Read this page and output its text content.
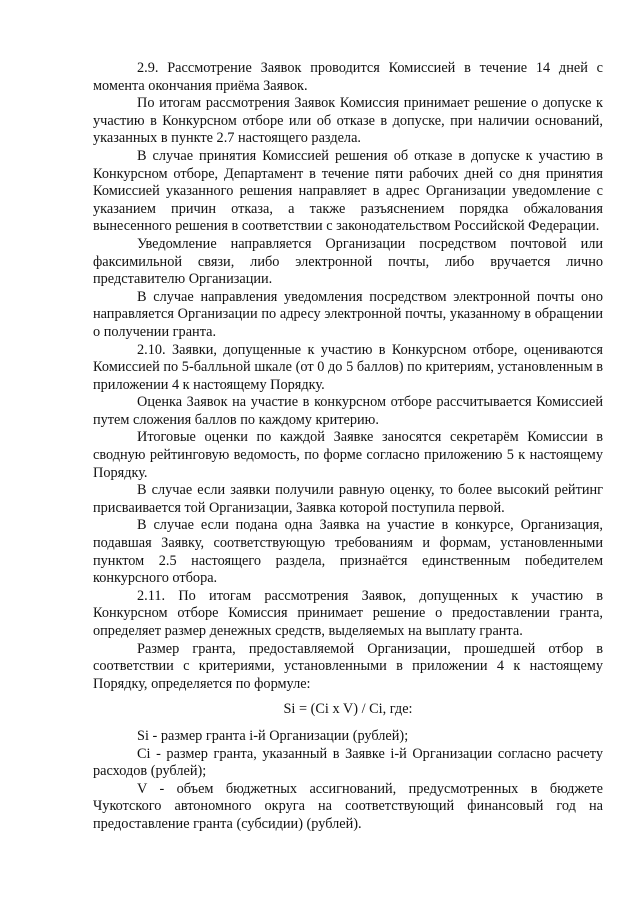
2.9. Рассмотрение Заявок проводится Комиссией в течение 14 дней с момента окончания приёма Заявок.

По итогам рассмотрения Заявок Комиссия принимает решение о допуске к участию в Конкурсном отборе или об отказе в допуске, при наличии оснований, указанных в пункте 2.7 настоящего раздела.

В случае принятия Комиссией решения об отказе в допуске к участию в Конкурсном отборе, Департамент в течение пяти рабочих дней со дня принятия Комиссией указанного решения направляет в адрес Организации уведомление с указанием причин отказа, а также разъяснением порядка обжалования вынесенного решения в соответствии с законодательством Российской Федерации.

Уведомление направляется Организации посредством почтовой или факсимильной связи, либо электронной почты, либо вручается лично представителю Организации.

В случае направления уведомления посредством электронной почты оно направляется Организации по адресу электронной почты, указанному в обращении о получении гранта.

2.10. Заявки, допущенные к участию в Конкурсном отборе, оцениваются Комиссией по 5-балльной шкале (от 0 до 5 баллов) по критериям, установленным в приложении 4 к настоящему Порядку.

Оценка Заявок на участие в конкурсном отборе рассчитывается Комиссией путем сложения баллов по каждому критерию.

Итоговые оценки по каждой Заявке заносятся секретарём Комиссии в сводную рейтинговую ведомость, по форме согласно приложению 5 к настоящему Порядку.

В случае если заявки получили равную оценку, то более высокий рейтинг присваивается той Организации, Заявка которой поступила первой.

В случае если подана одна Заявка на участие в конкурсе, Организация, подавшая Заявку, соответствующую требованиям и формам, установленными пунктом 2.5 настоящего раздела, признаётся единственным победителем конкурсного отбора.

2.11. По итогам рассмотрения Заявок, допущенных к участию в Конкурсном отборе Комиссия принимает решение о предоставлении гранта, определяет размер денежных средств, выделяемых на выплату гранта.

Размер гранта, предоставляемой Организации, прошедшей отбор в соответствии с критериями, установленными в приложении 4 к настоящему Порядку, определяется по формуле:

Si = (Ci x V) / Ci, где:

Si - размер гранта i-й Организации (рублей);

Ci - размер гранта, указанный в Заявке i-й Организации согласно расчету расходов (рублей);

V - объем бюджетных ассигнований, предусмотренных в бюджете Чукотского автономного округа на соответствующий финансовый год на предоставление гранта (субсидии) (рублей).
